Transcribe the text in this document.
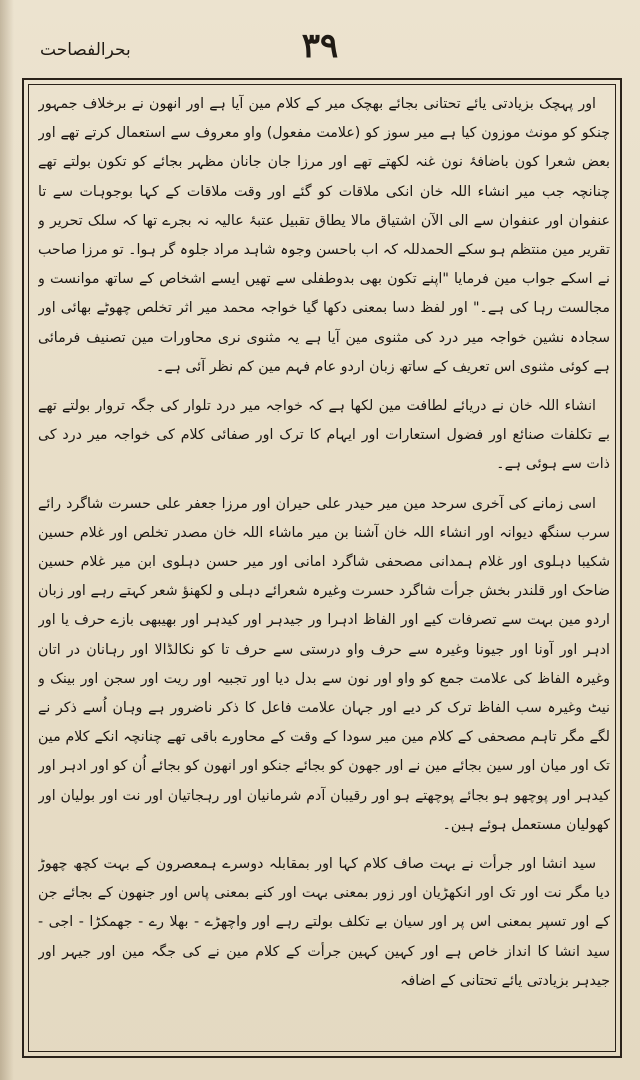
۳۹
بحرالفصاحت

اور پہچک بزیادتی یائے تحتانی بجائے بھچک میر کے کلام مین آیا ہے اور انھون نے برخلاف جمہور چنکو کو مونث موزون کیا ہے میر سوز کو (علامت مفعول) واو معروف سے استعمال کرتے تھے اور بعض شعرا کون باضافۂ نون غنہ لکھتے تھے اور مرزا جان جانان مظہر بجائے کو تکون بولتے تھے چنانچہ جب میر انشاء اللہ خان انکی ملاقات کو گئے اور وقت ملاقات کے کہا بوجوہات سے تا عنفوان اور عنفوان سے الی الآن اشتیاق مالا یطاق تقبیل عتبۂ عالیہ نہ بجرے تھا کہ سلک تحریر و تقریر مین منتظم ہو سکے الحمدللہ کہ اب باحسن وجوہ شاہد مراد جلوہ گر ہوا۔ تو مرزا صاحب نے اسکے جواب مین فرمایا "اپنے تکون بھی بدوطفلی سے تھیں ایسے اشخاص کے ساتھ موانست و مجالست رہا کی ہے۔" اور لفظ دسا بمعنی دکھا گیا خواجہ محمد میر اثر تخلص چھوٹے بھائی اور سجادہ نشین خواجہ میر درد کی مثنوی مین آیا ہے یہ مثنوی نری محاورات مین تصنیف فرمائی ہے کوئی مثنوی اس تعریف کے ساتھ زبان اردو عام فہم مین کم نظر آئی ہے۔

انشاء اللہ خان نے دریائے لطافت مین لکھا ہے کہ خواجہ میر درد تلوار کی جگہ تروار بولتے تھے بے تکلفات صنائع اور فضول استعارات اور ایہام کا ترک اور صفائی کلام کی خواجہ میر درد کی ذات سے ہوئی ہے۔

اسی زمانے کی آخری سرحد مین میر حیدر علی حیران اور مرزا جعفر علی حسرت شاگرد رائے سرب سنگھ دیوانہ اور انشاء اللہ خان آشنا بن میر ماشاء اللہ خان مصدر تخلص اور غلام حسین شکیبا دہلوی اور غلام ہمدانی مصحفی شاگرد امانی اور میر حسن دہلوی ابن میر غلام حسین ضاحک اور قلندر بخش جرأت شاگرد حسرت وغیرہ شعرائے دہلی و لکھنؤ شعر کہتے رہے اور زبان اردو مین بہت سے تصرفات کیے اور الفاظ ادہرا ور جیدہر اور کیدہر اور بھیبھی بازے حرف یا اور ادہر اور آونا اور جیونا وغیرہ سے حرف واو درستی سے حرف تا کو نکالڈالا اور رہانان در اتان وغیرہ الفاظ کی علامت جمع کو واو اور نون سے بدل دیا اور تجبیہ اور ریت اور سجن اور بینک و نیٹ وغیرہ سب الفاظ ترک کر دیے اور جہان علامت فاعل کا ذکر ناضرور ہے وہان اُسے ذکر نے لگے مگر تاہم مصحفی کے کلام مین میر سودا کے وقت کے محاورے باقی تھے چنانچہ انکے کلام مین تک اور میان اور سین بجائے مین نے اور جھون کو بجائے جنکو اور انھون کو بجائے اُن کو اور ادہر اور کیدہر اور پوچھو ہو بجائے پوچھتے ہو اور رقیبان آدم شرمانیان اور رہجاتیان اور نت اور بولیان اور کھولیان مستعمل ہوئے ہین۔

سید انشا اور جرأت نے بہت صاف کلام کہا اور بمقابلہ دوسرے ہمعصرون کے بہت کچھ چھوڑ دیا مگر نت اور تک اور انکھڑیان اور زور بمعنی بہت اور کنے بمعنی پاس اور جنھون کے بجائے جن کے اور تسپر بمعنی اس پر اور سیان بے تکلف بولتے رہے اور واچھڑے - بھلا رے - جھمکڑا - اجی - سید انشا کا انداز خاص ہے اور کہین کہین جرأت کے کلام مین نے کی جگہ مین اور جیہر اور جیدہر بزیادتی یائے تحتانی کے اضافہ
